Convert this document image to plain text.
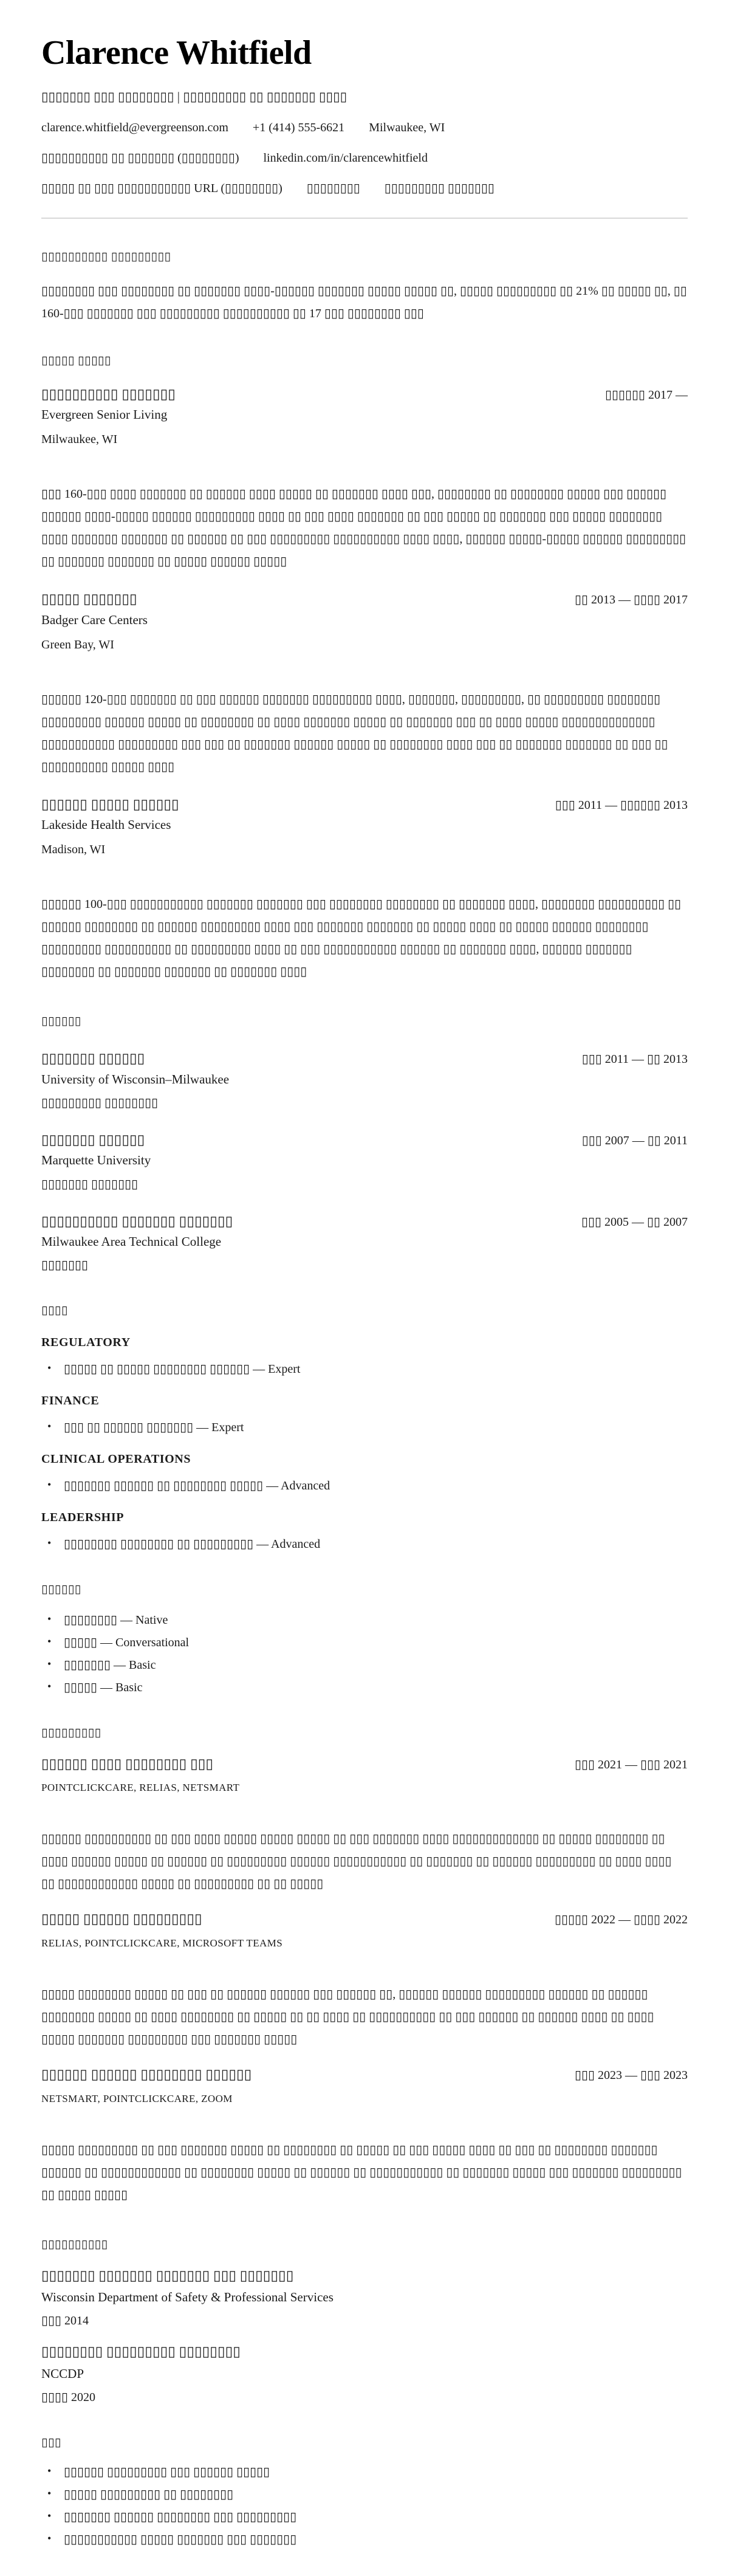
Clarence Whitfield
▯▯▯▯▯▯▯ ▯▯▯ ▯▯▯▯▯▯▯▯ | ▯▯▯▯▯▯▯▯▯ ▯▯ ▯▯▯▯▯▯▯ ▯▯▯▯
clarence.whitfield@evergreenson.com +1 (414) 555-6621 Milwaukee, WI
▯▯▯▯▯▯▯▯▯▯ ▯▯ ▯▯▯▯▯▯▯ (▯▯▯▯▯▯▯▯) linkedin.com/in/clarencewhitfield
▯▯▯▯▯ ▯▯ ▯▯▯ ▯▯▯▯▯▯▯▯▯▯▯ URL (▯▯▯▯▯▯▯▯) ▯▯▯▯▯▯▯▯ ▯▯▯▯▯▯▯▯▯ ▯▯▯▯▯▯▯
▯▯▯▯▯▯▯▯▯▯ ▯▯▯▯▯▯▯▯▯
▯▯▯▯▯▯▯▯ ▯▯▯ ▯▯▯▯▯▯▯▯ ▯▯ ▯▯▯▯▯▯▯ ▯▯▯▯-▯▯▯▯▯▯ ▯▯▯▯▯▯▯ ▯▯▯▯▯ ▯▯▯▯▯ ▯▯, ▯▯▯▯▯ ▯▯▯▯▯▯▯▯▯ ▯▯ 21% ▯▯ ▯▯▯▯▯ ▯▯, ▯▯ 160-▯▯▯ ▯▯▯▯▯▯▯ ▯▯▯ ▯▯▯▯▯▯▯▯▯ ▯▯▯▯▯▯▯▯▯▯ ▯▯ 17 ▯▯▯ ▯▯▯▯▯▯▯▯ ▯▯▯
▯▯▯▯▯ ▯▯▯▯▯
▯▯▯▯▯▯▯▯▯▯ ▯▯▯▯▯▯▯	▯▯▯▯▯▯ 2017 —
Evergreen Senior Living
Milwaukee, WI
▯▯▯ 160-▯▯▯ ▯▯▯▯ ▯▯▯▯▯▯▯ ▯▯ ▯▯▯▯▯▯ ▯▯▯▯ ▯▯▯▯▯ ▯▯ ▯▯▯▯▯▯▯ ▯▯▯▯ ▯▯▯, ▯▯▯▯▯▯▯▯ ▯▯ ▯▯▯▯▯▯▯▯ ▯▯▯▯▯ ▯▯▯ ▯▯▯▯▯▯ ▯▯▯▯▯▯ ▯▯▯▯-▯▯▯▯▯ ▯▯▯▯▯▯ ▯▯▯▯▯▯▯▯▯ ▯▯▯▯ ▯▯ ▯▯▯ ▯▯▯▯ ▯▯▯▯▯▯▯ ▯▯ ▯▯▯ ▯▯▯▯▯ ▯▯ ▯▯▯▯▯▯▯ ▯▯▯ ▯▯▯▯▯ ▯▯▯▯▯▯▯▯ ▯▯▯▯ ▯▯▯▯▯▯▯ ▯▯▯▯▯▯▯ ▯▯ ▯▯▯▯▯▯ ▯▯ ▯▯▯ ▯▯▯▯▯▯▯▯▯ ▯▯▯▯▯▯▯▯▯▯ ▯▯▯▯ ▯▯▯▯, ▯▯▯▯▯▯ ▯▯▯▯▯-▯▯▯▯▯ ▯▯▯▯▯▯ ▯▯▯▯▯▯▯▯▯ ▯▯ ▯▯▯▯▯▯▯ ▯▯▯▯▯▯▯ ▯▯ ▯▯▯▯▯ ▯▯▯▯▯▯ ▯▯▯▯▯
▯▯▯▯▯ ▯▯▯▯▯▯▯	▯▯ 2013 — ▯▯▯▯ 2017
Badger Care Centers
Green Bay, WI
▯▯▯▯▯▯ 120-▯▯▯ ▯▯▯▯▯▯▯ ▯▯ ▯▯▯ ▯▯▯▯▯▯ ▯▯▯▯▯▯▯ ▯▯▯▯▯▯▯▯▯ ▯▯▯▯, ▯▯▯▯▯▯▯, ▯▯▯▯▯▯▯▯▯, ▯▯ ▯▯▯▯▯▯▯▯▯ ▯▯▯▯▯▯▯▯ ▯▯▯▯▯▯▯▯▯ ▯▯▯▯▯▯ ▯▯▯▯▯ ▯▯ ▯▯▯▯▯▯▯▯ ▯▯ ▯▯▯▯ ▯▯▯▯▯▯▯ ▯▯▯▯▯ ▯▯ ▯▯▯▯▯▯▯ ▯▯▯ ▯▯ ▯▯▯▯ ▯▯▯▯▯ ▯▯▯▯▯▯▯▯▯▯▯▯▯▯ ▯▯▯▯▯▯▯▯▯▯▯ ▯▯▯▯▯▯▯▯▯ ▯▯▯ ▯▯▯ ▯▯ ▯▯▯▯▯▯▯ ▯▯▯▯▯▯ ▯▯▯▯▯ ▯▯ ▯▯▯▯▯▯▯▯ ▯▯▯▯ ▯▯▯ ▯▯ ▯▯▯▯▯▯▯ ▯▯▯▯▯▯▯ ▯▯ ▯▯▯ ▯▯ ▯▯▯▯▯▯▯▯▯▯ ▯▯▯▯▯ ▯▯▯▯
▯▯▯▯▯▯ ▯▯▯▯▯ ▯▯▯▯▯▯	▯▯▯ 2011 — ▯▯▯▯▯▯ 2013
Lakeside Health Services
Madison, WI
▯▯▯▯▯▯ 100-▯▯▯ ▯▯▯▯▯▯▯▯▯▯▯ ▯▯▯▯▯▯▯ ▯▯▯▯▯▯▯ ▯▯▯ ▯▯▯▯▯▯▯▯ ▯▯▯▯▯▯▯▯ ▯▯ ▯▯▯▯▯▯▯ ▯▯▯▯, ▯▯▯▯▯▯▯▯ ▯▯▯▯▯▯▯▯▯▯ ▯▯ ▯▯▯▯▯▯ ▯▯▯▯▯▯▯▯ ▯▯ ▯▯▯▯▯▯ ▯▯▯▯▯▯▯▯▯ ▯▯▯▯ ▯▯▯ ▯▯▯▯▯▯▯ ▯▯▯▯▯▯▯ ▯▯ ▯▯▯▯▯ ▯▯▯▯ ▯▯ ▯▯▯▯▯ ▯▯▯▯▯▯ ▯▯▯▯▯▯▯▯ ▯▯▯▯▯▯▯▯▯ ▯▯▯▯▯▯▯▯▯▯ ▯▯ ▯▯▯▯▯▯▯▯▯ ▯▯▯▯ ▯▯ ▯▯▯ ▯▯▯▯▯▯▯▯▯▯▯ ▯▯▯▯▯▯ ▯▯ ▯▯▯▯▯▯▯ ▯▯▯▯, ▯▯▯▯▯▯ ▯▯▯▯▯▯▯ ▯▯▯▯▯▯▯▯ ▯▯ ▯▯▯▯▯▯▯ ▯▯▯▯▯▯▯ ▯▯ ▯▯▯▯▯▯▯ ▯▯▯▯
▯▯▯▯▯▯
▯▯▯▯▯▯▯ ▯▯▯▯▯▯	▯▯▯ 2011 — ▯▯ 2013
University of Wisconsin–Milwaukee
▯▯▯▯▯▯▯▯▯ ▯▯▯▯▯▯▯▯
▯▯▯▯▯▯▯ ▯▯▯▯▯▯	▯▯▯ 2007 — ▯▯ 2011
Marquette University
▯▯▯▯▯▯▯ ▯▯▯▯▯▯▯
▯▯▯▯▯▯▯▯▯▯ ▯▯▯▯▯▯▯ ▯▯▯▯▯▯▯	▯▯▯ 2005 — ▯▯ 2007
Milwaukee Area Technical College
▯▯▯▯▯▯▯
▯▯▯▯
REGULATORY
• ▯▯▯▯▯ ▯▯ ▯▯▯▯▯ ▯▯▯▯▯▯▯▯ ▯▯▯▯▯▯ — Expert
FINANCE
• ▯▯▯ ▯▯ ▯▯▯▯▯▯ ▯▯▯▯▯▯▯ — Expert
CLINICAL OPERATIONS
• ▯▯▯▯▯▯▯ ▯▯▯▯▯▯ ▯▯ ▯▯▯▯▯▯▯▯ ▯▯▯▯▯ — Advanced
LEADERSHIP
• ▯▯▯▯▯▯▯▯ ▯▯▯▯▯▯▯▯ ▯▯ ▯▯▯▯▯▯▯▯▯ — Advanced
▯▯▯▯▯▯
• ▯▯▯▯▯▯▯▯ — Native
• ▯▯▯▯▯ — Conversational
• ▯▯▯▯▯▯▯ — Basic
• ▯▯▯▯▯ — Basic
▯▯▯▯▯▯▯▯▯
▯▯▯▯▯▯ ▯▯▯▯ ▯▯▯▯▯▯▯▯ ▯▯▯	▯▯▯ 2021 — ▯▯▯ 2021
POINTCLICKCARE, RELIAS, NETSMART
▯▯▯▯▯▯ ▯▯▯▯▯▯▯▯▯▯ ▯▯ ▯▯▯ ▯▯▯▯ ▯▯▯▯▯ ▯▯▯▯▯ ▯▯▯▯▯ ▯▯ ▯▯▯ ▯▯▯▯▯▯▯ ▯▯▯▯ ▯▯▯▯▯▯▯▯▯▯▯▯▯ ▯▯ ▯▯▯▯▯ ▯▯▯▯▯▯▯▯ ▯▯ ▯▯▯▯ ▯▯▯▯▯▯ ▯▯▯▯▯ ▯▯ ▯▯▯▯▯▯ ▯▯ ▯▯▯▯▯▯▯▯▯ ▯▯▯▯▯▯ ▯▯▯▯▯▯▯▯▯▯▯ ▯▯ ▯▯▯▯▯▯▯ ▯▯ ▯▯▯▯▯▯ ▯▯▯▯▯▯▯▯▯ ▯▯ ▯▯▯▯ ▯▯▯▯ ▯▯ ▯▯▯▯▯▯▯▯▯▯▯▯ ▯▯▯▯▯ ▯▯ ▯▯▯▯▯▯▯▯▯ ▯▯ ▯▯ ▯▯▯▯▯
▯▯▯▯▯ ▯▯▯▯▯▯ ▯▯▯▯▯▯▯▯▯	▯▯▯▯▯ 2022 — ▯▯▯▯ 2022
RELIAS, POINTCLICKCARE, MICROSOFT TEAMS
▯▯▯▯▯ ▯▯▯▯▯▯▯▯ ▯▯▯▯▯ ▯▯ ▯▯▯ ▯▯ ▯▯▯▯▯▯ ▯▯▯▯▯▯ ▯▯▯ ▯▯▯▯▯▯ ▯▯, ▯▯▯▯▯▯ ▯▯▯▯▯▯ ▯▯▯▯▯▯▯▯▯ ▯▯▯▯▯▯ ▯▯ ▯▯▯▯▯▯ ▯▯▯▯▯▯▯▯ ▯▯▯▯▯ ▯▯ ▯▯▯▯ ▯▯▯▯▯▯▯▯ ▯▯ ▯▯▯▯▯ ▯▯ ▯▯ ▯▯▯▯ ▯▯ ▯▯▯▯▯▯▯▯▯▯ ▯▯ ▯▯▯ ▯▯▯▯▯▯ ▯▯ ▯▯▯▯▯▯ ▯▯▯▯ ▯▯ ▯▯▯▯ ▯▯▯▯▯ ▯▯▯▯▯▯▯ ▯▯▯▯▯▯▯▯▯ ▯▯▯ ▯▯▯▯▯▯▯ ▯▯▯▯▯
▯▯▯▯▯▯ ▯▯▯▯▯▯ ▯▯▯▯▯▯▯▯ ▯▯▯▯▯▯	▯▯▯ 2023 — ▯▯▯ 2023
NETSMART, POINTCLICKCARE, ZOOM
▯▯▯▯▯ ▯▯▯▯▯▯▯▯▯ ▯▯ ▯▯▯ ▯▯▯▯▯▯▯ ▯▯▯▯▯ ▯▯ ▯▯▯▯▯▯▯▯ ▯▯ ▯▯▯▯▯ ▯▯ ▯▯▯ ▯▯▯▯▯ ▯▯▯▯ ▯▯ ▯▯▯ ▯▯ ▯▯▯▯▯▯▯▯ ▯▯▯▯▯▯▯ ▯▯▯▯▯▯ ▯▯ ▯▯▯▯▯▯▯▯▯▯▯▯ ▯▯ ▯▯▯▯▯▯▯▯ ▯▯▯▯▯ ▯▯ ▯▯▯▯▯▯ ▯▯ ▯▯▯▯▯▯▯▯▯▯▯ ▯▯ ▯▯▯▯▯▯▯ ▯▯▯▯▯ ▯▯▯ ▯▯▯▯▯▯▯ ▯▯▯▯▯▯▯▯▯ ▯▯ ▯▯▯▯▯ ▯▯▯▯▯
▯▯▯▯▯▯▯▯▯▯
▯▯▯▯▯▯▯ ▯▯▯▯▯▯▯ ▯▯▯▯▯▯▯ ▯▯▯ ▯▯▯▯▯▯▯
Wisconsin Department of Safety & Professional Services
▯▯▯ 2014
▯▯▯▯▯▯▯▯ ▯▯▯▯▯▯▯▯▯ ▯▯▯▯▯▯▯▯
NCCDP
▯▯▯▯ 2020
▯▯▯
• ▯▯▯▯▯▯ ▯▯▯▯▯▯▯▯▯ ▯▯▯ ▯▯▯▯▯▯ ▯▯▯▯▯
• ▯▯▯▯▯ ▯▯▯▯▯▯▯▯▯ ▯▯ ▯▯▯▯▯▯▯▯
• ▯▯▯▯▯▯▯ ▯▯▯▯▯▯ ▯▯▯▯▯▯▯▯ ▯▯▯ ▯▯▯▯▯▯▯▯▯
• ▯▯▯▯▯▯▯▯▯▯▯ ▯▯▯▯▯ ▯▯▯▯▯▯▯ ▯▯▯ ▯▯▯▯▯▯▯
